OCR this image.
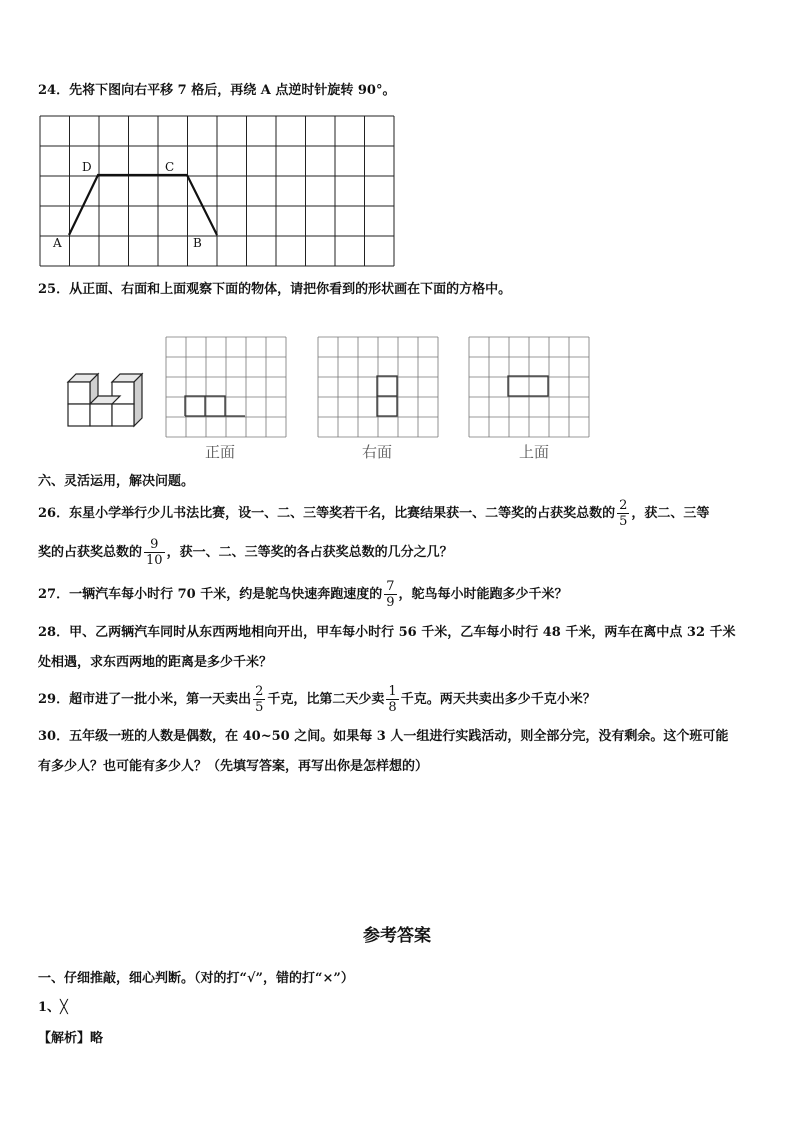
24．先将下图向右平移 7 格后，再绕 A 点逆时针旋转 90°。
A	B
C
D
25．从正面、右面和上面观察下面的物体，请把你看到的形状画在下面的方格中。
正面	右面	上面
六、灵活运用，解决问题。
26．东星小学举行少儿书法比赛，设一、二、三等奖若干名，比赛结果获一、二等奖的占获奖总数的 $\frac{2}{5}$ ，获二、三等
奖的占获奖总数的 $\frac{9}{10}$ ，获一、二、三等奖的各占获奖总数的几分之几？
27．一辆汽车每小时行 70 千米，约是鸵鸟快速奔跑速度的 $\frac{7}{9}$ ，鸵鸟每小时能跑多少千米？
28．甲、乙两辆汽车同时从东西两地相向开出，甲车每小时行 56 千米，乙车每小时行 48 千米，两车在离中点 32 千米
处相遇，求东西两地的距离是多少千米？
29．超市进了一批小米，第一天卖出 $\frac{2}{5}$ 千克，比第二天少卖 $\frac{1}{8}$ 千克。两天共卖出多少千克小米？
30．五年级一班的人数是偶数，在 40~50 之间。如果每 3 人一组进行实践活动，则全部分完，没有剩余。这个班可能
有多少人？也可能有多少人？（先填写答案，再写出你是怎样想的）
参考答案
一、仔细推敲，细心判断。（对的打“√”，错的打“×”）
1、╳
【解析】略
